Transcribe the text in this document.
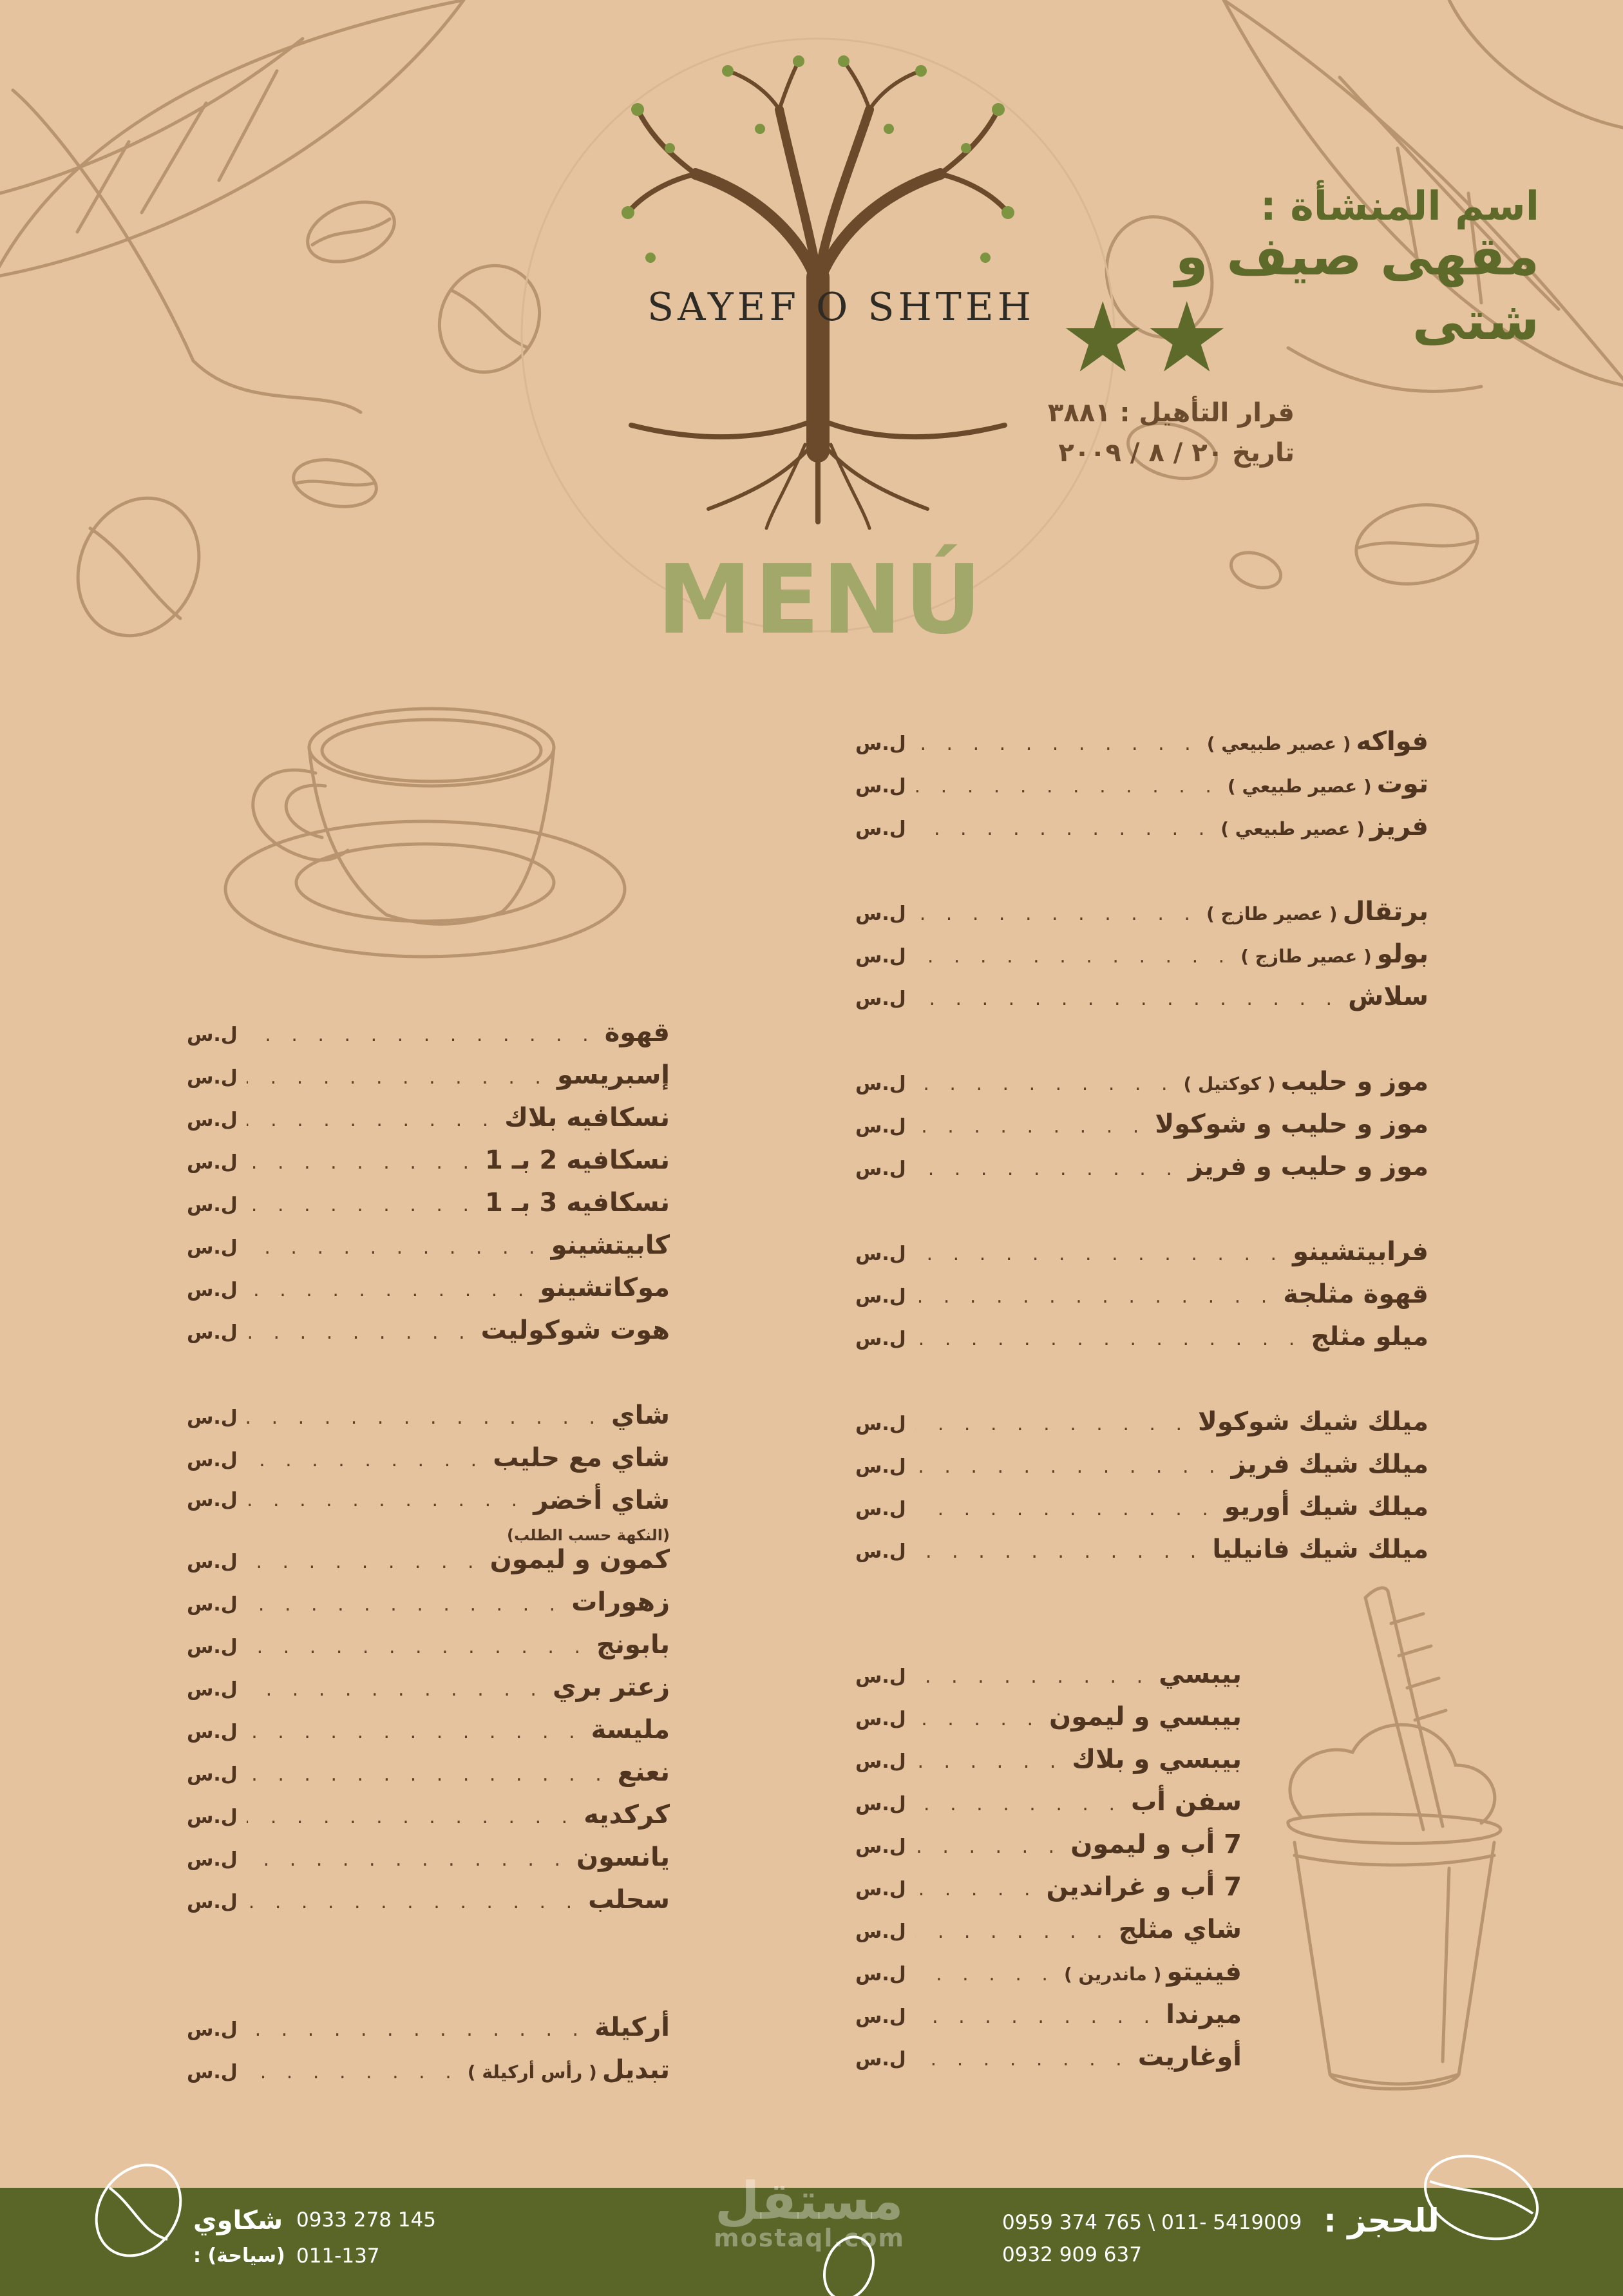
اسم المنشأة :
مقهى صيف و شتى
★★
قرار التأهيل : ٣٨٨١
تاريخ ٢٠ / ٨ / ٢٠٠٩
SAYEF O SHTEH
MENÚ
قهوة
. . .
ل.س
إسبريسو
. . .
ل.س
نسكافيه بلاك
. . .
ل.س
نسكافيه 2 بـ 1
. . .
ل.س
نسكافيه 3 بـ 1
. . .
ل.س
كابيتشينو
. . .
ل.س
موكاتشينو
. . .
ل.س
هوت شوكوليت
. . .
ل.س
شاي
. . .
ل.س
شاي مع حليب
. . .
ل.س
شاي أخضر
. . .
ل.س
(النكهة حسب الطلب)
كمون و ليمون
. . .
ل.س
زهورات
. . .
ل.س
بابونج
. . .
ل.س
زعتر بري
. . .
ل.س
مليسة
. . .
ل.س
نعنع
. . .
ل.س
كركديه
. . .
ل.س
يانسون
. . .
ل.س
سحلب
. . .
ل.س
أركيلة
. . .
ل.س
تبديل
( رأس أركيلة )
. . .
ل.س
فواكه
( عصير طبيعي )
. . .
ل.س
توت
( عصير طبيعي )
. . .
ل.س
فريز
( عصير طبيعي )
. . .
ل.س
برتقال
( عصير طازج )
. . .
ل.س
بولو
( عصير طازج )
. . .
ل.س
سلاش
. . .
ل.س
موز و حليب
( كوكتيل )
. . .
ل.س
موز و حليب و شوكولا
. . .
ل.س
موز و حليب و فريز
. . .
ل.س
فرابيتشينو
. . .
ل.س
قهوة مثلجة
. . .
ل.س
ميلو مثلج
. . .
ل.س
ميلك شيك شوكولا
. . .
ل.س
ميلك شيك فريز
. . .
ل.س
ميلك شيك أوريو
. . .
ل.س
ميلك شيك فانيليا
. . .
ل.س
بيبسي
. . .
ل.س
بيبسي و ليمون
. . .
ل.س
بيبسي و بلاك
. . .
ل.س
سفن أب
. . .
ل.س
7 أب و ليمون
. . .
ل.س
7 أب و غراندين
. . .
ل.س
شاي مثلج
. . .
ل.س
فينيتو
( ماندرين )
. . .
ل.س
ميرندا
. . .
ل.س
أوغاريت
. . .
ل.س
مستقل
mostaql.com	للحجز :
0959 374 765 \ 011- 5419009
0932 909 637
0933 278 145
شكاوي
011-137
(سياحة) :
